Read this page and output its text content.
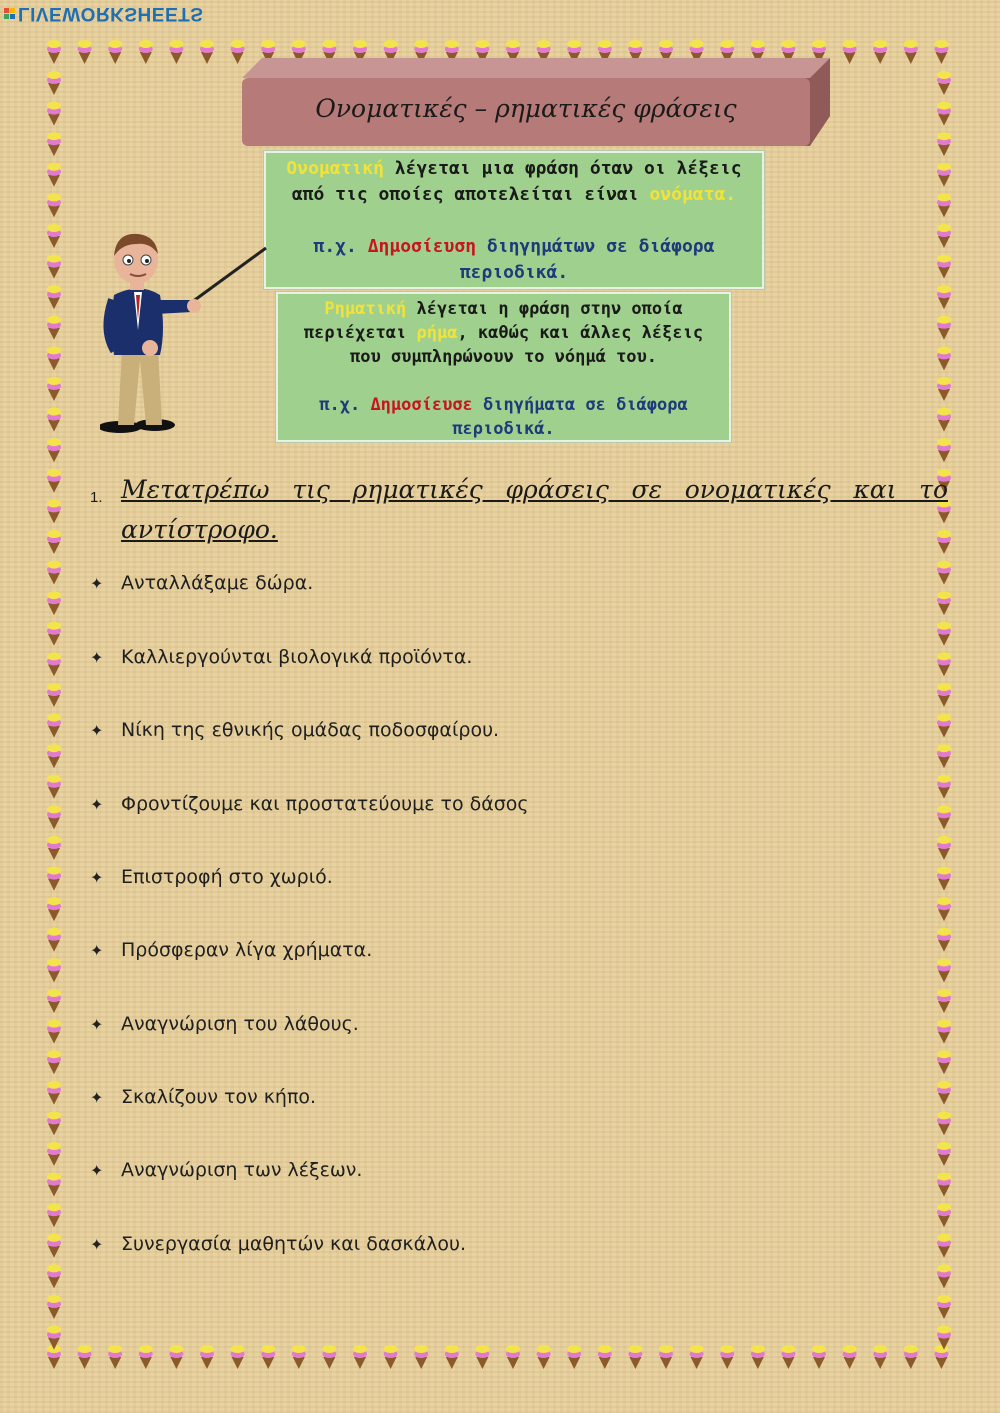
LIVEWORKSHEETS
Ονοματικές – ρηματικές φράσεις
Ονοματική λέγεται μια φράση όταν οι λέξεις από τις οποίες αποτελείται είναι ονόματα.
π.χ. Δημοσίευση διηγημάτων σε διάφορα περιοδικά.
Ρηματική λέγεται η φράση στην οποία περιέχεται ρήμα, καθώς και άλλες λέξεις που συμπληρώνουν το νόημά του.
π.χ. Δημοσίευσε διηγήματα σε διάφορα περιοδικά.
1. Μετατρέπω τις ρηματικές φράσεις σε ονοματικές και το αντίστροφο.
✦ Ανταλλάξαμε δώρα.
✦ Καλλιεργούνται βιολογικά προϊόντα.
✦ Νίκη της εθνικής ομάδας ποδοσφαίρου.
✦ Φροντίζουμε και προστατεύουμε το δάσος
✦ Επιστροφή στο χωριό.
✦ Πρόσφεραν λίγα χρήματα.
✦ Αναγνώριση του λάθους.
✦ Σκαλίζουν τον κήπο.
✦ Αναγνώριση των λέξεων.
✦ Συνεργασία μαθητών και δασκάλου.
